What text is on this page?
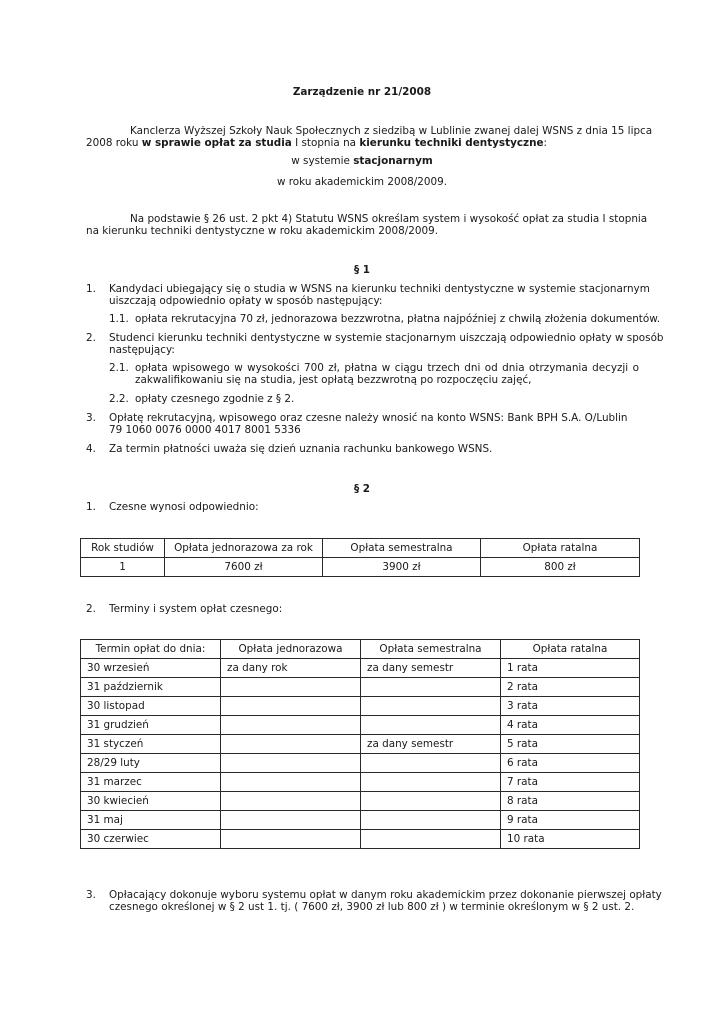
Zarządzenie nr 21/2008
Kanclerza Wyższej Szkoły Nauk Społecznych z siedzibą w Lublinie zwanej dalej WSNS z dnia 15 lipca
2008 roku w sprawie opłat za studia I stopnia na kierunku techniki dentystyczne:
w systemie stacjonarnym
w roku akademickim 2008/2009.
Na podstawie § 26 ust. 2 pkt 4) Statutu WSNS określam system i wysokość opłat za studia I stopnia
na kierunku techniki dentystyczne w roku akademickim 2008/2009.
§ 1
1. Kandydaci ubiegający się o studia w WSNS na kierunku techniki dentystyczne w systemie stacjonarnym
uiszczają odpowiednio opłaty w sposób następujący:
1.1. opłata rekrutacyjna 70 zł, jednorazowa bezzwrotna, płatna najpóźniej z chwilą złożenia dokumentów.
2. Studenci kierunku techniki dentystyczne w systemie stacjonarnym uiszczają odpowiednio opłaty w sposób
następujący:
2.1. opłata wpisowego w wysokości 700 zł, płatna w ciągu trzech dni od dnia otrzymania decyzji o
zakwalifikowaniu się na studia, jest opłatą bezzwrotną po rozpoczęciu zajęć,
2.2. opłaty czesnego zgodnie z § 2.
3. Opłatę rekrutacyjną, wpisowego oraz czesne należy wnosić na konto WSNS: Bank BPH S.A. O/Lublin
79 1060 0076 0000 4017 8001 5336
4. Za termin płatności uważa się dzień uznania rachunku bankowego WSNS.
§ 2
1. Czesne wynosi odpowiednio:
Rok studiów	Opłata jednorazowa za rok	Opłata semestralna	Opłata ratalna
1	7600 zł	3900 zł	800 zł
2. Terminy i system opłat czesnego:
Termin opłat do dnia:	Opłata jednorazowa	Opłata semestralna	Opłata ratalna
30 wrzesień	za dany rok	za dany semestr	1 rata
31 październik			2 rata
30 listopad			3 rata
31 grudzień			4 rata
31 styczeń		za dany semestr	5 rata
28/29 luty			6 rata
31 marzec			7 rata
30 kwiecień			8 rata
31 maj			9 rata
30 czerwiec			10 rata
3. Opłacający dokonuje wyboru systemu opłat w danym roku akademickim przez dokonanie pierwszej opłaty
czesnego określonej w § 2 ust 1. tj. ( 7600 zł, 3900 zł lub 800 zł ) w terminie określonym w § 2 ust. 2.
